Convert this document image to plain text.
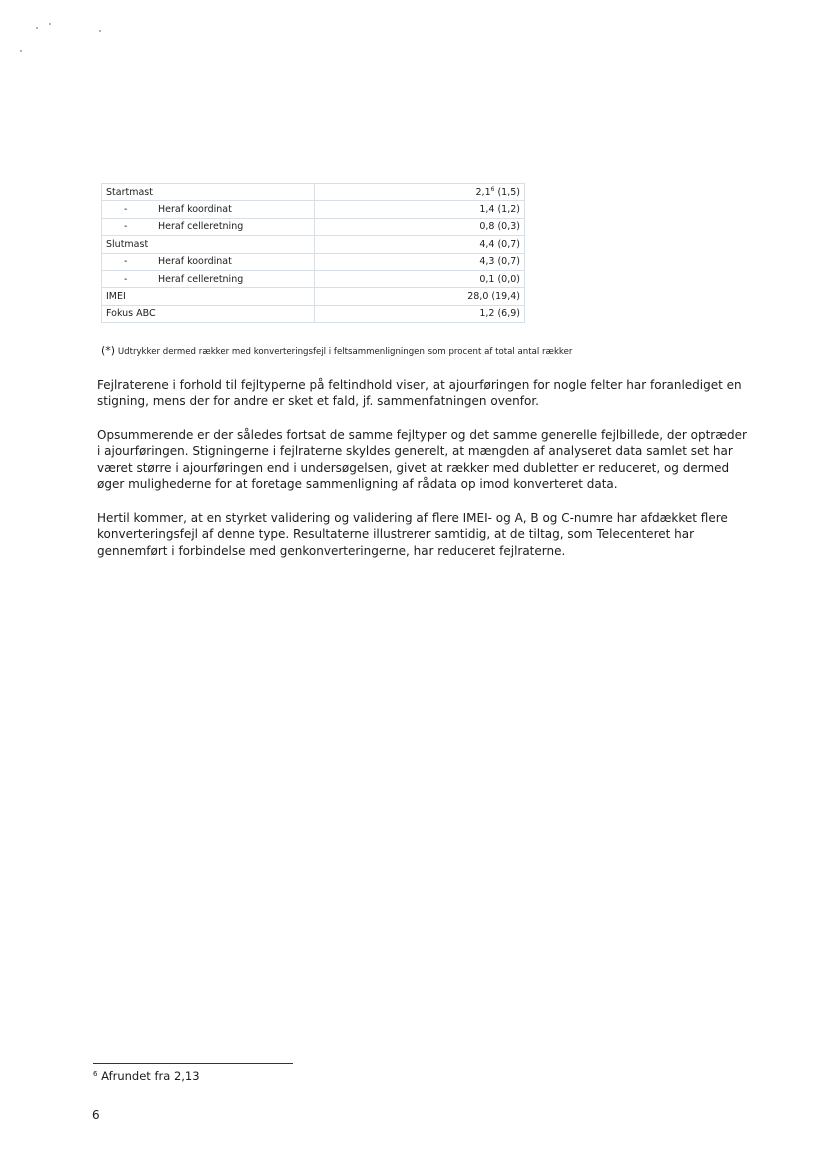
Startmast	$2,1^6$ (1,5)
- Heraf koordinat	1,4 (1,2)
- Heraf celleretning	0,8 (0,3)
Slutmast	4,4 (0,7)
- Heraf koordinat	4,3 (0,7)
- Heraf celleretning	0,1 (0,0)
IMEI	28,0 (19,4)
Fokus ABC	1,2 (6,9)
(*) Udtrykker dermed rækker med konverteringsfejl i feltsammenligningen som procent af total antal rækker

Fejlraterene i forhold til fejltyperne på feltindhold viser, at ajourføringen for nogle felter har foranlediget en stigning, mens der for andre er sket et fald, jf. sammenfatningen ovenfor.

Opsummerende er der således fortsat de samme fejltyper og det samme generelle fejlbillede, der optræder i ajourføringen. Stigningerne i fejlraterne skyldes generelt, at mængden af analyseret data samlet set har været større i ajourføringen end i undersøgelsen, givet at rækker med dubletter er reduceret, og dermed øger mulighederne for at foretage sammenligning af rådata op imod konverteret data.

Hertil kommer, at en styrket validering og validering af flere IMEI- og A, B og C-numre har afdækket flere konverteringsfejl af denne type. Resultaterne illustrerer samtidig, at de tiltag, som Telecenteret har gennemført i forbindelse med genkonverteringerne, har reduceret fejlraterne.

$^6$ Afrundet fra 2,13
6
